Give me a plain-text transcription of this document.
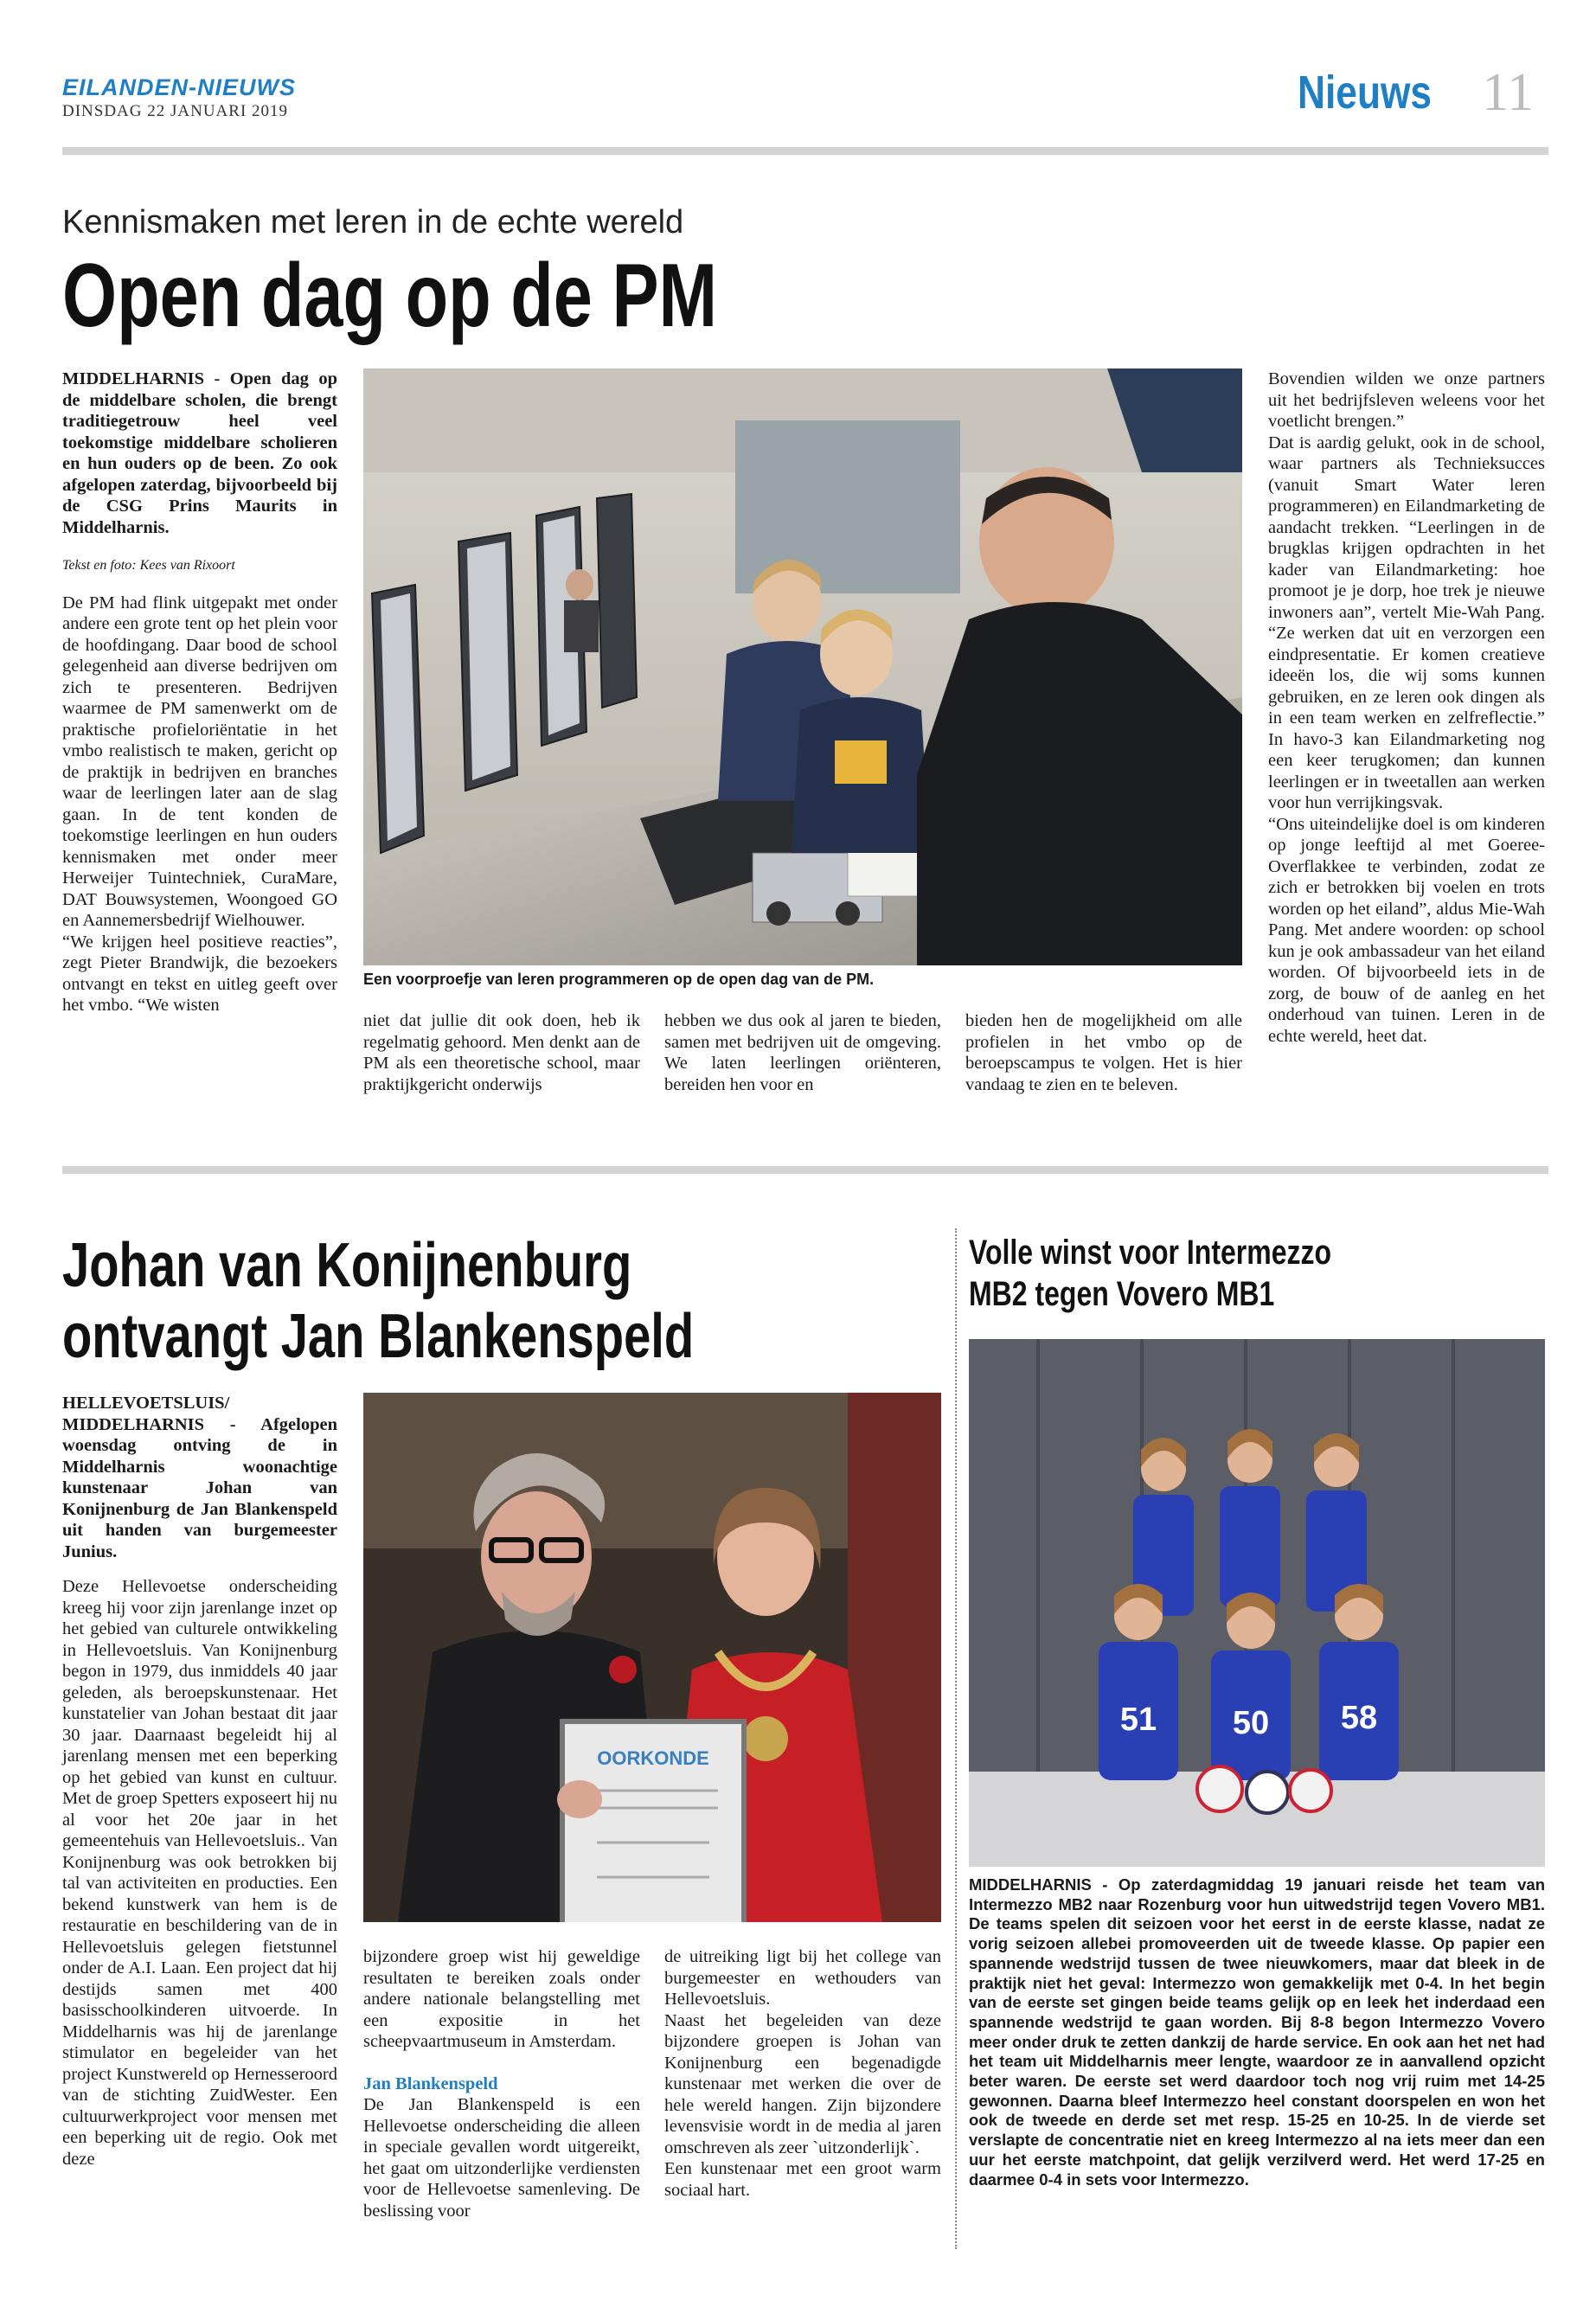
EILANDEN-NIEUWS
DINSDAG 22 JANUARI 2019	Nieuws 11
Kennismaken met leren in de echte wereld
Open dag op de PM

MIDDELHARNIS - Open dag op de middelbare scholen, die brengt traditiegetrouw heel veel toekomstige middelbare scholieren en hun ouders op de been. Zo ook afgelopen zaterdag, bijvoorbeeld bij de CSG Prins Maurits in Middelharnis.

Tekst en foto: Kees van Rixoort

De PM had flink uitgepakt met onder andere een grote tent op het plein voor de hoofdingang. Daar bood de school gelegenheid aan diverse bedrijven om zich te presenteren. Bedrijven waarmee de PM samenwerkt om de praktische profieloriëntatie in het vmbo realistisch te maken, gericht op de praktijk in bedrijven en branches waar de leerlingen later aan de slag gaan. In de tent konden de toekomstige leerlingen en hun ouders kennismaken met onder meer Herweijer Tuintechniek, CuraMare, DAT Bouwsystemen, Woongoed GO en Aannemersbedrijf Wielhouwer.

“We krijgen heel positieve reacties”, zegt Pieter Brandwijk, die bezoekers ontvangt en tekst en uitleg geeft over het vmbo. “We wisten

Een voorproefje van leren programmeren op de open dag van de PM.
niet dat jullie dit ook doen, heb ik regelmatig gehoord. Men denkt aan de PM als een theoretische school, maar praktijkgericht onderwijs
hebben we dus ook al jaren te bieden, samen met bedrijven uit de omgeving. We laten leerlingen oriënteren, bereiden hen voor en
bieden hen de mogelijkheid om alle profielen in het vmbo op de beroepscampus te volgen. Het is hier vandaag te zien en te beleven.

Bovendien wilden we onze partners uit het bedrijfsleven weleens voor het voetlicht brengen.”

Dat is aardig gelukt, ook in de school, waar partners als Technieksucces (vanuit Smart Water leren programmeren) en Eilandmarketing de aandacht trekken. “Leerlingen in de brugklas krijgen opdrachten in het kader van Eilandmarketing: hoe promoot je je dorp, hoe trek je nieuwe inwoners aan”, vertelt Mie-Wah Pang. “Ze werken dat uit en verzorgen een eindpresentatie. Er komen creatieve ideeën los, die wij soms kunnen gebruiken, en ze leren ook dingen als in een team werken en zelfreflectie.” In havo-3 kan Eilandmarketing nog een keer terugkomen; dan kunnen leerlingen er in tweetallen aan werken voor hun verrijkingsvak.

“Ons uiteindelijke doel is om kinderen op jonge leeftijd al met Goeree-Overflakkee te verbinden, zodat ze zich er betrokken bij voelen en trots worden op het eiland”, aldus Mie-Wah Pang. Met andere woorden: op school kun je ook ambassadeur van het eiland worden. Of bijvoorbeeld iets in de zorg, de bouw of de aanleg en het onderhoud van tuinen. Leren in de echte wereld, heet dat.

Johan van Konijnenburg
ontvangt Jan Blankenspeld

HELLEVOETSLUIS/ MIDDELHARNIS - Afgelopen woensdag ontving de in Middelharnis woonachtige kunstenaar Johan van Konijnenburg de Jan Blankenspeld uit handen van burgemeester Junius.

Deze Hellevoetse onderscheiding kreeg hij voor zijn jarenlange inzet op het gebied van culturele ontwikkeling in Hellevoetsluis. Van Konijnenburg begon in 1979, dus inmiddels 40 jaar geleden, als beroepskunstenaar. Het kunstatelier van Johan bestaat dit jaar 30 jaar. Daarnaast begeleidt hij al jarenlang mensen met een beperking op het gebied van kunst en cultuur. Met de groep Spetters exposeert hij nu al voor het 20e jaar in het gemeentehuis van Hellevoetsluis.. Van Konijnenburg was ook betrokken bij tal van activiteiten en producties. Een bekend kunstwerk van hem is de restauratie en beschildering van de in Hellevoetsluis gelegen fietstunnel onder de A.I. Laan. Een project dat hij destijds samen met 400 basisschoolkinderen uitvoerde. In Middelharnis was hij de jarenlange stimulator en begeleider van het project Kunstwereld op Hernesseroord van de stichting ZuidWester. Een cultuurwerkproject voor mensen met een beperking uit de regio. Ook met deze

OORKONDE

bijzondere groep wist hij geweldige resultaten te bereiken zoals onder andere nationale belangstelling met een expositie in het scheepvaartmuseum in Amsterdam.

Jan Blankenspeld

De Jan Blankenspeld is een Hellevoetse onderscheiding die alleen in speciale gevallen wordt uitgereikt, het gaat om uitzonderlijke verdiensten voor de Hellevoetse samenleving. De beslissing voor

de uitreiking ligt bij het college van burgemeester en wethouders van Hellevoetsluis.

Naast het begeleiden van deze bijzondere groepen is Johan van Konijnenburg een begenadigde kunstenaar met werken die over de hele wereld hangen. Zijn bijzondere levensvisie wordt in de media al jaren omschreven als zeer `uitzonderlijk`.

Een kunstenaar met een groot warm sociaal hart.

Volle winst voor Intermezzo MB2 tegen Vovero MB1
51 50 58
MIDDELHARNIS - Op zaterdagmiddag 19 januari reisde het team van Intermezzo MB2 naar Rozenburg voor hun uitwedstrijd tegen Vovero MB1. De teams spelen dit seizoen voor het eerst in de eerste klasse, nadat ze vorig seizoen allebei promoveerden uit de tweede klasse. Op papier een spannende wedstrijd tussen de twee nieuwkomers, maar dat bleek in de praktijk niet het geval: Intermezzo won gemakkelijk met 0-4. In het begin van de eerste set gingen beide teams gelijk op en leek het inderdaad een spannende wedstrijd te gaan worden. Bij 8-8 begon Intermezzo Vovero meer onder druk te zetten dankzij de harde service. En ook aan het net had het team uit Middelharnis meer lengte, waardoor ze in aanvallend opzicht beter waren. De eerste set werd daardoor toch nog vrij ruim met 14-25 gewonnen. Daarna bleef Intermezzo heel constant doorspelen en won het ook de tweede en derde set met resp. 15-25 en 10-25. In de vierde set verslapte de concentratie niet en kreeg Intermezzo al na iets meer dan een uur het eerste matchpoint, dat gelijk verzilverd werd. Het werd 17-25 en daarmee 0-4 in sets voor Intermezzo.
